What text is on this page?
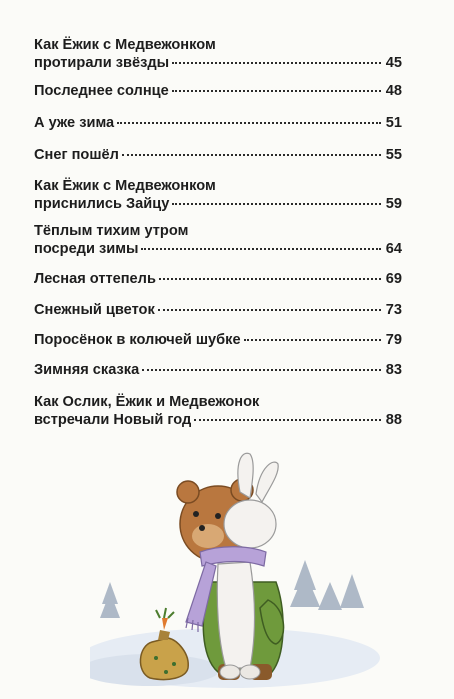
Как Ёжик с Медвежонком
протирали звёзды	45
Последнее солнце	48
А уже зима	51
Снег пошёл	55
Как Ёжик с Медвежонком
приснились Зайцу	59
Тёплым тихим утром
посреди зимы	64
Лесная оттепель	69
Снежный цветок	73
Поросёнок в колючей шубке	79
Зимняя сказка	83
Как Ослик, Ёжик и Медвежонок
встречали Новый год	88
